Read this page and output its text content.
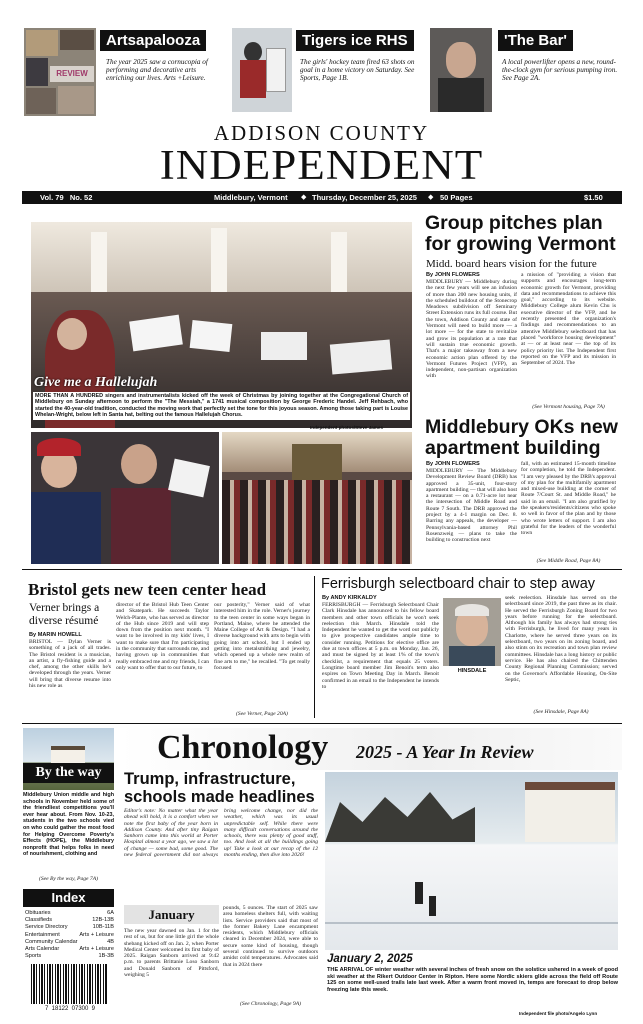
REVIEW
Artsapalooza
The year 2025 saw a cornucopia of performing and decorative arts enriching our lives. Arts +Leisure.
Tigers ice RHS
The girls' hockey team fired 63 shots on goal in a home victory on Saturday. See Sports, Page 1B.
'The Bar'
A local powerlifter opens a new, round-the-clock gym for serious pumping iron. See Page 2A.
ADDISON COUNTY
INDEPENDENT
Vol. 79   No. 52	Middlebury, Vermont ◆ Thursday, December 25, 2025 ◆ 50 Pages	$1.50
Give me a Hallelujah
MORE THAN A HUNDRED singers and instrumentalists kicked off the week of Christmas by joining together at the Congregational Church of Middlebury on Sunday afternoon to perform the "The Messiah," a 1741 musical composition by George Frederic Handel. Jeff Rehbach, who started the 40-year-old tradition, conducted the moving work that perfectly set the tone for this joyous season. Among those taking part is Louise Whelan-Wright, below left in Santa hat, belting out the famous Hallelujah Chorus.
Independent photos/Steve James
Group pitches plan
for growing Vermont
Midd. board hears vision for the future
By JOHN FLOWERS
MIDDLEBURY — Middlebury during the next few years will see an infusion of more than 200 new housing units, if the scheduled buildout of the Stonecrop Meadows subdivision off Seminary Street Extension runs its full course. But the town, Addison County and state of Vermont will need to build more — a lot more — for the state to revitalize and grow its population at a rate that will sustain true economic growth. That's a major takeaway from a new economic action plan offered by the Vermont Futures Project (VFP), an independent, non-partisan organization with
a mission of "providing a vision that supports and encourages long-term economic growth for Vermont, providing data and recommendations to achieve this goal," according to its website. Middlebury College alum Kevin Chu is executive director of the VFP, and he recently presented the organization's findings and recommendations to an attentive Middlebury selectboard that has placed "workforce housing development" at — or at least near — the top of its policy priority list. The Independent first reported on the VFP and its mission in September of 2024. The
(See Vermont housing, Page 7A)
Middlebury OKs new
apartment building
By JOHN FLOWERS
MIDDLEBURY — The Middlebury Development Review Board (DRB) has approved a 35-unit, four-story apartment building — that will also host a restaurant — on a 0.71-acre lot near the intersection of Middle Road and Route 7 South. The DRB approved the project by a 4-1 margin on Dec. 8. Barring any appeals, the developer — Pennsylvania-based attorney Phil Rosenzweig — plans to take the building to construction next
fall, with an estimated 15-month timeline for completion, he told the Independent. "I am very pleased by the DRB's approval of my plan for the multifamily apartment and mixed-use building at the corner of Route 7/Court St. and Middle Road," he said in an email. "I am also gratified by the speakers/residents/citizens who spoke so well in favor of the plan and by those who wrote letters of support. I am also grateful for the leaders of the wonderful town
(See Middle Road, Page 8A)
Bristol gets new teen center head
Verner brings a
diverse résumé
By MARIN HOWELL
BRISTOL — Dylan Verner is something of a jack of all trades. The Bristol resident is a musician, an artist, a fly-fishing guide and a chef, among the other skills he's developed through the years. Verner will bring that diverse resume into his new role as
director of the Bristol Hub Teen Center and Skatepark. He succeeds Taylor Welch-Plante, who has served as director of the Hub since 2019 and will step down from the position next month. "I want to be involved in my kids' lives, I want to make sure that I'm participating in the community that surrounds me, and having grown up in communities that really embraced me and my friends, I can only want to offer that to our future, to
our posterity," Verner said of what interested him in the role. Verner's journey to the teen center in some ways began in Portland, Maine, where he attended the Maine College of Art & Design. "I had a diverse background with arts to begin with going into art school, but I ended up getting into metalsmithing and jewelry, which opened up a whole new realm of fine arts to me," he recalled. "To get really focused
(See Verner, Page 20A)
Ferrisburgh selectboard chair to step away
By ANDY KIRKALDY
FERRISBURGH — Ferrisburgh Selectboard Chair Clark Hinsdale has announced to his fellow board members and other town officials he won't seek reelection this March. Hinsdale told the Independent he wanted to get the word out publicly to give prospective candidates ample time to consider running. Petitions for elective office are due at town offices at 5 p.m. on Monday, Jan. 26, and must be signed by at least 1% of the town's checklist, a requirement that equals 25 voters. Longtime board member Jim Benoit's term also expires on Town Meeting Day in March. Benoit confirmed in an email to the Independent he intends to
HINSDALE
seek reelection. Hinsdale has served on the selectboard since 2019, the past three as its chair. He served the Ferrisburgh Zoning Board for two years before running for the selectboard. Although his family has always had strong ties with Ferrisburgh, he lived for many years in Charlotte, where he served three years on its selectboard, two years on its zoning board, and also stints on its recreation and town plan review committees. Hinsdale has a long history or public service. He has also chaired the Chittenden County Regional Planning Commission; served on the Governor's Affordable Housing, On-Site Septic,
(See Hinsdale, Page 8A)
By the way
Middlebury Union middle and high schools in November held some of the friendliest competitions you'll ever hear about. From Nov. 10-23, students in the two schools vied on who could gather the most food for Helping Overcome Poverty's Effects (HOPE), the Middlebury nonprofit that helps folks in need of nourishment, clothing and
(See By the way, Page 7A)
Index
Obituaries	6A
Classifieds	12B-13B
Service Directory	10B-11B
Entertainment	Arts + Leisure
Community Calendar	4B
Arts Calendar	Arts + Leisure
Sports	1B-3B
7  18122  07300  9
Chronology 2025 - A Year In Review
Trump, infrastructure,
schools made headlines
Editor's note: No matter what the year ahead will hold, it is a comfort when we note the first baby of the year born in Addison County. And after tiny Raigan Sanborn came into this world at Porter Hospital almost a year ago, we saw a lot of change — some bad, some good. The new federal government did not always bring welcome change, nor did the weather, which was its usual unpredictable self. While there were many difficult conversations around the schools, there was plenty of good stuff, too. And look at all the buildings going up! Take a look at our recap of the 12 months ending, then dive into 2026!
January
The new year dawned on Jan. 1 for the rest of us, but for one little girl the whole shebang kicked off on Jan. 2, when Porter Medical Center welcomed its first baby of 2025. Raigan Sanborn arrived at 9:42 p.m. to parents Brittanie Loso Sanborn and Donald Sanborn of Pittsford, weighing 5
pounds, 5 ounces. The start of 2025 saw area homeless shelters full, with waiting lists. Service providers said that most of the former Bakery Lane encampment residents, which Middlebury officials cleared in December 2024, were able to secure some kind of housing, though several continued to survive outdoors amidst cold temperatures. Advocates said that in 2024 there
(See Chronology, Page 9A)
January 2, 2025
THE ARRIVAL OF winter weather with several inches of fresh snow on the solstice ushered in a week of good ski weather at the Rikert Outdoor Center in Ripton. Here some Nordic skiers glide across the field off Route 125 on some well-used trails late last week. After a warm front moved in, temps are forecast to drop below freezing late this week.
Independent file photo/Angelo Lynn
